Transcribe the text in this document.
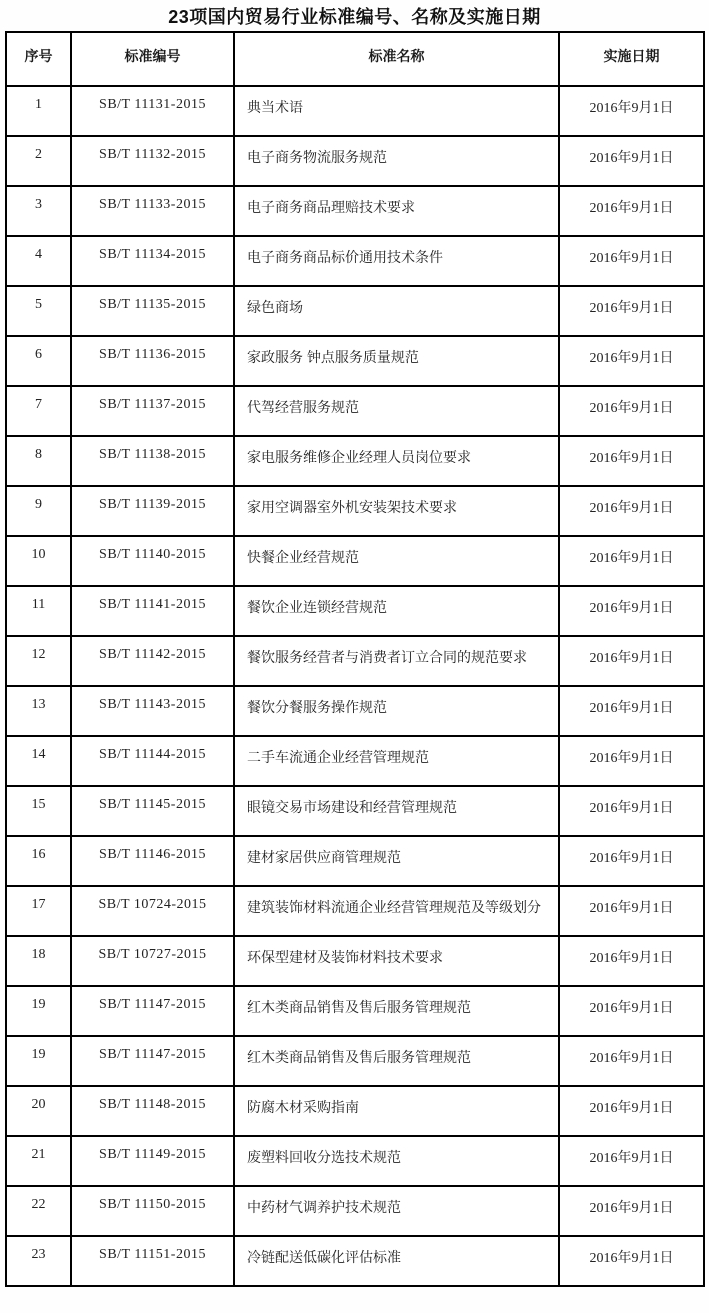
23项国内贸易行业标准编号、名称及实施日期
序号	标准编号	标准名称	实施日期
1	SB/T 11131-2015	典当术语	2016年9月1日
2	SB/T 11132-2015	电子商务物流服务规范	2016年9月1日
3	SB/T 11133-2015	电子商务商品理赔技术要求	2016年9月1日
4	SB/T 11134-2015	电子商务商品标价通用技术条件	2016年9月1日
5	SB/T 11135-2015	绿色商场	2016年9月1日
6	SB/T 11136-2015	家政服务 钟点服务质量规范	2016年9月1日
7	SB/T 11137-2015	代驾经营服务规范	2016年9月1日
8	SB/T 11138-2015	家电服务维修企业经理人员岗位要求	2016年9月1日
9	SB/T 11139-2015	家用空调器室外机安装架技术要求	2016年9月1日
10	SB/T 11140-2015	快餐企业经营规范	2016年9月1日
11	SB/T 11141-2015	餐饮企业连锁经营规范	2016年9月1日
12	SB/T 11142-2015	餐饮服务经营者与消费者订立合同的规范要求	2016年9月1日
13	SB/T 11143-2015	餐饮分餐服务操作规范	2016年9月1日
14	SB/T 11144-2015	二手车流通企业经营管理规范	2016年9月1日
15	SB/T 11145-2015	眼镜交易市场建设和经营管理规范	2016年9月1日
16	SB/T 11146-2015	建材家居供应商管理规范	2016年9月1日
17	SB/T 10724-2015	建筑装饰材料流通企业经营管理规范及等级划分	2016年9月1日
18	SB/T 10727-2015	环保型建材及装饰材料技术要求	2016年9月1日
19	SB/T 11147-2015	红木类商品销售及售后服务管理规范	2016年9月1日
19	SB/T 11147-2015	红木类商品销售及售后服务管理规范	2016年9月1日
20	SB/T 11148-2015	防腐木材采购指南	2016年9月1日
21	SB/T 11149-2015	废塑料回收分选技术规范	2016年9月1日
22	SB/T 11150-2015	中药材气调养护技术规范	2016年9月1日
23	SB/T 11151-2015	冷链配送低碳化评估标准	2016年9月1日
